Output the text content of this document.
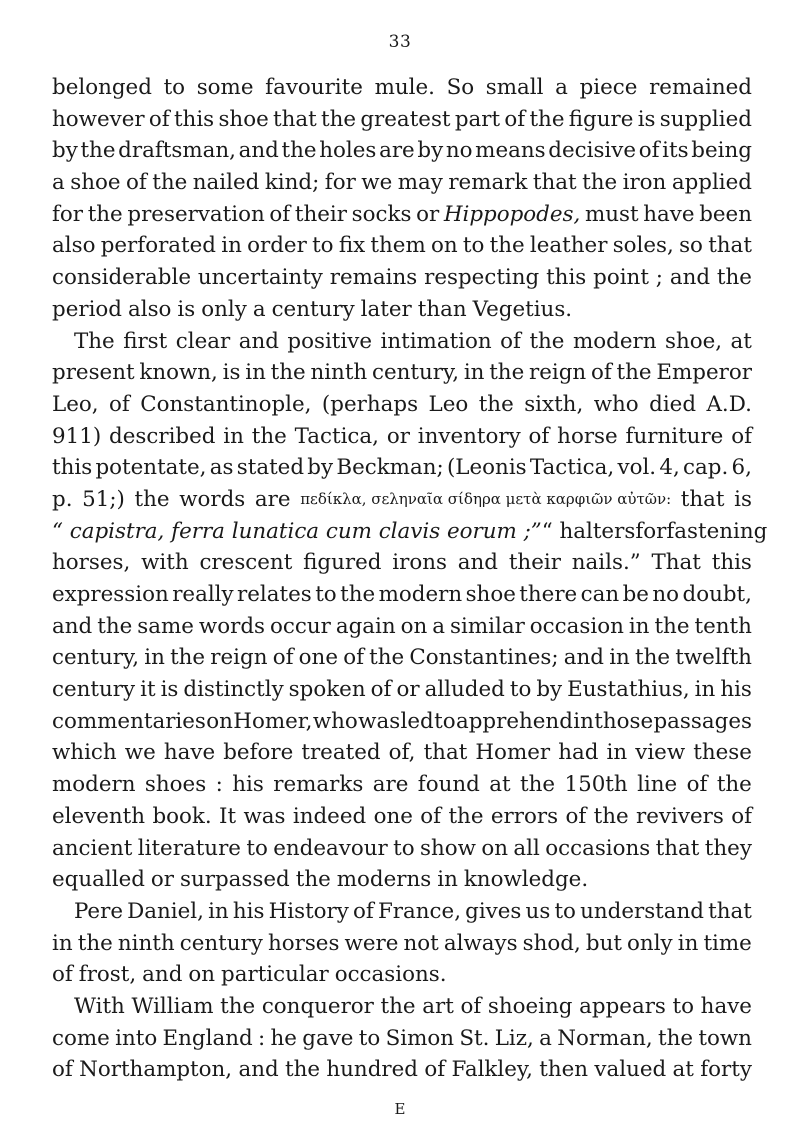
33
belonged to some favourite mule. So small a piece remained
however of this shoe that the greatest part of the figure is supplied
by the draftsman, and the holes are by no means decisive of its being
a shoe of the nailed kind; for we may remark that the iron applied
for the preservation of their socks or Hippopodes, must have been
also perforated in order to fix them on to the leather soles, so that
considerable uncertainty remains respecting this point ; and the
period also is only a century later than Vegetius.
The first clear and positive intimation of the modern shoe, at
present known, is in the ninth century, in the reign of the Emperor
Leo, of Constantinople, (perhaps Leo the sixth, who died A.D.
911) described in the Tactica, or inventory of horse furniture of
this potentate, as stated by Beckman; (Leonis Tactica, vol. 4, cap. 6,
p. 51;) the words are πεδίκλα, σεληναῖα σίδηρα μετὰ καρφιῶν αὐτῶν: that is
“ capistra, ferra lunatica cum clavis eorum ;” “ halters for fastening
horses, with crescent figured irons and their nails.” That this
expression really relates to the modern shoe there can be no doubt,
and the same words occur again on a similar occasion in the tenth
century, in the reign of one of the Constantines; and in the twelfth
century it is distinctly spoken of or alluded to by Eustathius, in his
commentaries on Homer, who was led to apprehend in those passages
which we have before treated of, that Homer had in view these
modern shoes : his remarks are found at the 150th line of the
eleventh book. It was indeed one of the errors of the revivers of
ancient literature to endeavour to show on all occasions that they
equalled or surpassed the moderns in knowledge.
Pere Daniel, in his History of France, gives us to understand that
in the ninth century horses were not always shod, but only in time
of frost, and on particular occasions.
With William the conqueror the art of shoeing appears to have
come into England : he gave to Simon St. Liz, a Norman, the town
of Northampton, and the hundred of Falkley, then valued at forty
E
